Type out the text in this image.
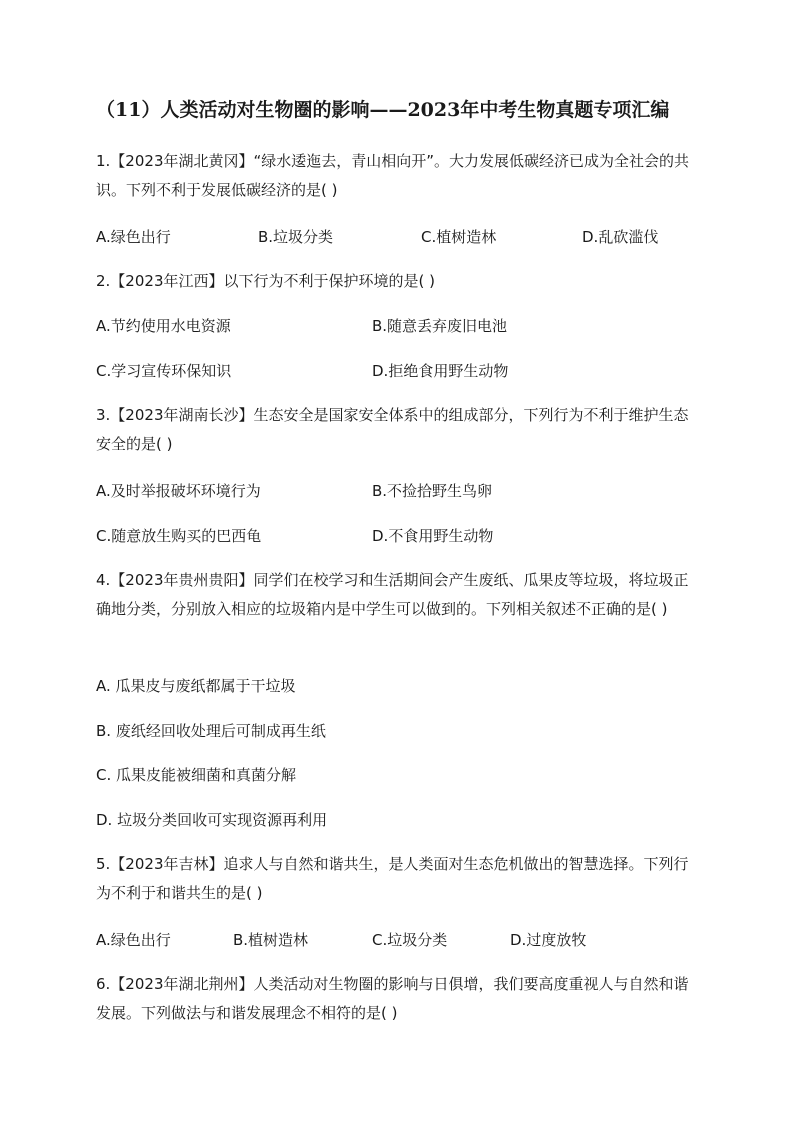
（11）人类活动对生物圈的影响——2023年中考生物真题专项汇编
1.【2023年湖北黄冈】“绿水逶迤去，青山相向开”。大力发展低碳经济已成为全社会的共识。下列不利于发展低碳经济的是( )
A.绿色出行	B.垃圾分类	C.植树造林	D.乱砍滥伐
2.【2023年江西】以下行为不利于保护环境的是( )
A.节约使用水电资源	B.随意丢弃废旧电池
C.学习宣传环保知识	D.拒绝食用野生动物
3.【2023年湖南长沙】生态安全是国家安全体系中的组成部分，下列行为不利于维护生态安全的是( )
A.及时举报破坏环境行为	B.不捡拾野生鸟卵
C.随意放生购买的巴西龟	D.不食用野生动物
4.【2023年贵州贵阳】同学们在校学习和生活期间会产生废纸、瓜果皮等垃圾，将垃圾正确地分类，分别放入相应的垃圾箱内是中学生可以做到的。下列相关叙述不正确的是( )
A. 瓜果皮与废纸都属于干垃圾
B. 废纸经回收处理后可制成再生纸
C. 瓜果皮能被细菌和真菌分解
D. 垃圾分类回收可实现资源再利用
5.【2023年吉林】追求人与自然和谐共生，是人类面对生态危机做出的智慧选择。下列行为不利于和谐共生的是( )
A.绿色出行	B.植树造林	C.垃圾分类	D.过度放牧
6.【2023年湖北荆州】人类活动对生物圈的影响与日俱增，我们要高度重视人与自然和谐发展。下列做法与和谐发展理念不相符的是( )
